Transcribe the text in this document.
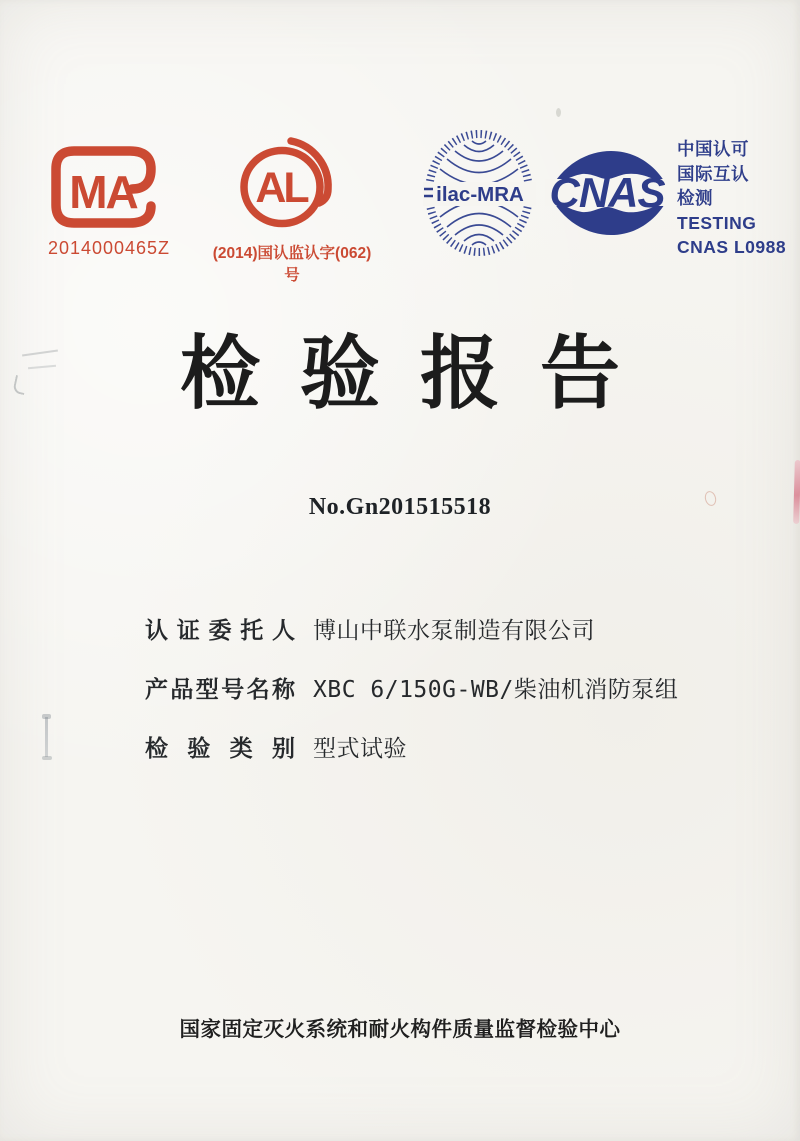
MA
2014000465Z
AL
(2014)国认监认字(062)号
ilac-MRA CNAS
中国认可
国际互认
检测
TESTING
CNAS L0988
检验报告
No.Gn201515518
认证委托人 博山中联水泵制造有限公司
产品型号名称 XBC 6/150G-WB/柴油机消防泵组
检验类别 型式试验
国家固定灭火系统和耐火构件质量监督检验中心
